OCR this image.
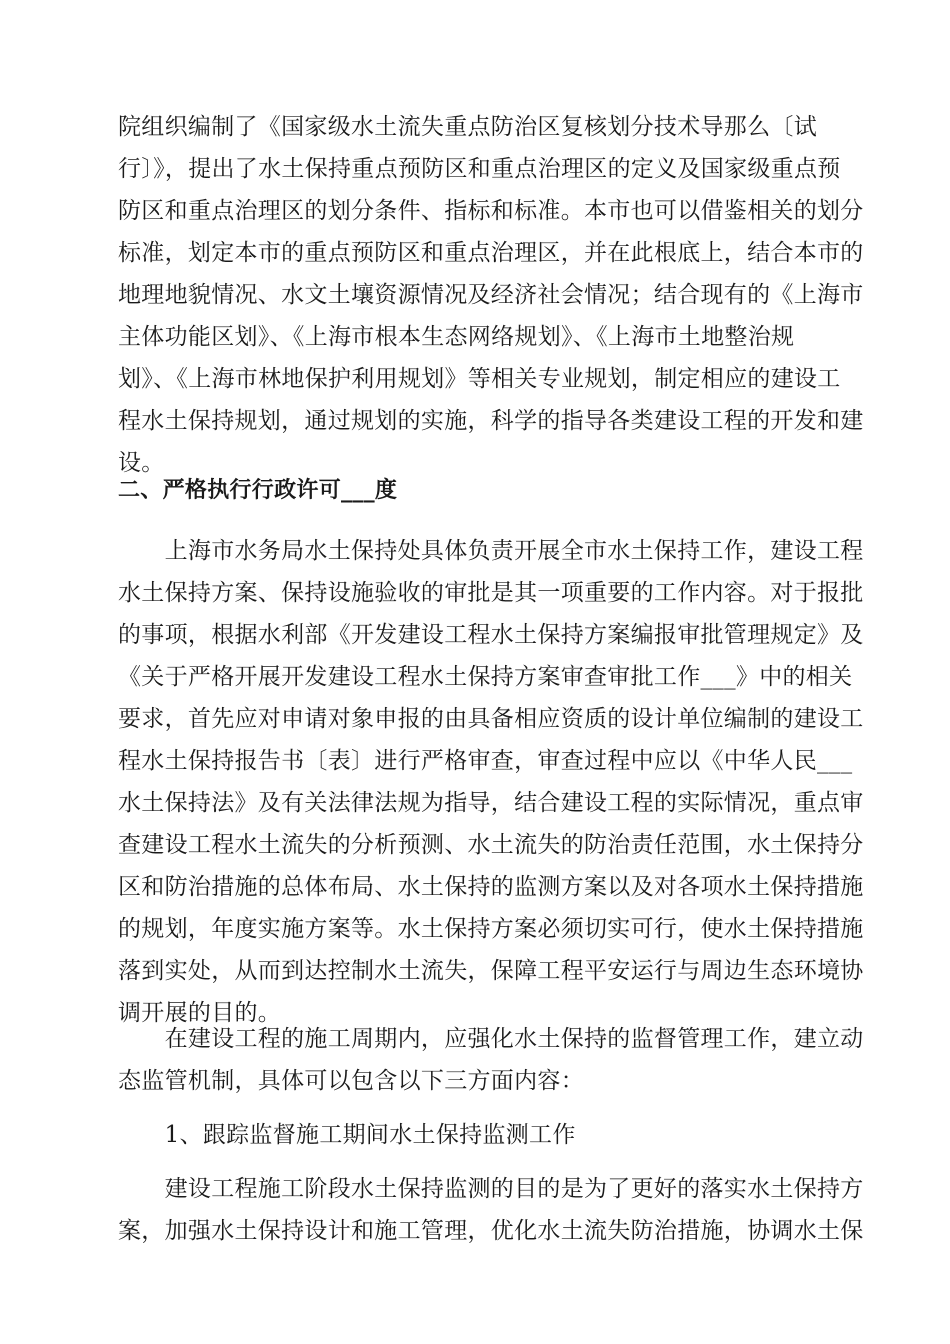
院组织编制了《国家级水土流失重点防治区复核划分技术导那么〔试
行〕》，提出了水土保持重点预防区和重点治理区的定义及国家级重点预
防区和重点治理区的划分条件、指标和标准。本市也可以借鉴相关的划分
标准，划定本市的重点预防区和重点治理区，并在此根底上，结合本市的
地理地貌情况、水文土壤资源情况及经济社会情况；结合现有的《上海市
主体功能区划》、《上海市根本生态网络规划》、《上海市土地整治规
划》、《上海市林地保护利用规划》等相关专业规划，制定相应的建设工
程水土保持规划，通过规划的实施，科学的指导各类建设工程的开发和建
设。
二、严格执行行政许可___度
　　上海市水务局水土保持处具体负责开展全市水土保持工作，建设工程
水土保持方案、保持设施验收的审批是其一项重要的工作内容。对于报批
的事项，根据水利部《开发建设工程水土保持方案编报审批管理规定》及
《关于严格开展开发建设工程水土保持方案审查审批工作___》中的相关
要求，首先应对申请对象申报的由具备相应资质的设计单位编制的建设工
程水土保持报告书〔表〕进行严格审查，审查过程中应以《中华人民___
水土保持法》及有关法律法规为指导，结合建设工程的实际情况，重点审
查建设工程水土流失的分析预测、水土流失的防治责任范围，水土保持分
区和防治措施的总体布局、水土保持的监测方案以及对各项水土保持措施
的规划，年度实施方案等。水土保持方案必须切实可行，使水土保持措施
落到实处，从而到达控制水土流失，保障工程平安运行与周边生态环境协
调开展的目的。
　　在建设工程的施工周期内，应强化水土保持的监督管理工作，建立动
态监管机制，具体可以包含以下三方面内容：
　　1、跟踪监督施工期间水土保持监测工作
　　建设工程施工阶段水土保持监测的目的是为了更好的落实水土保持方
案，加强水土保持设计和施工管理，优化水土流失防治措施，协调水土保
